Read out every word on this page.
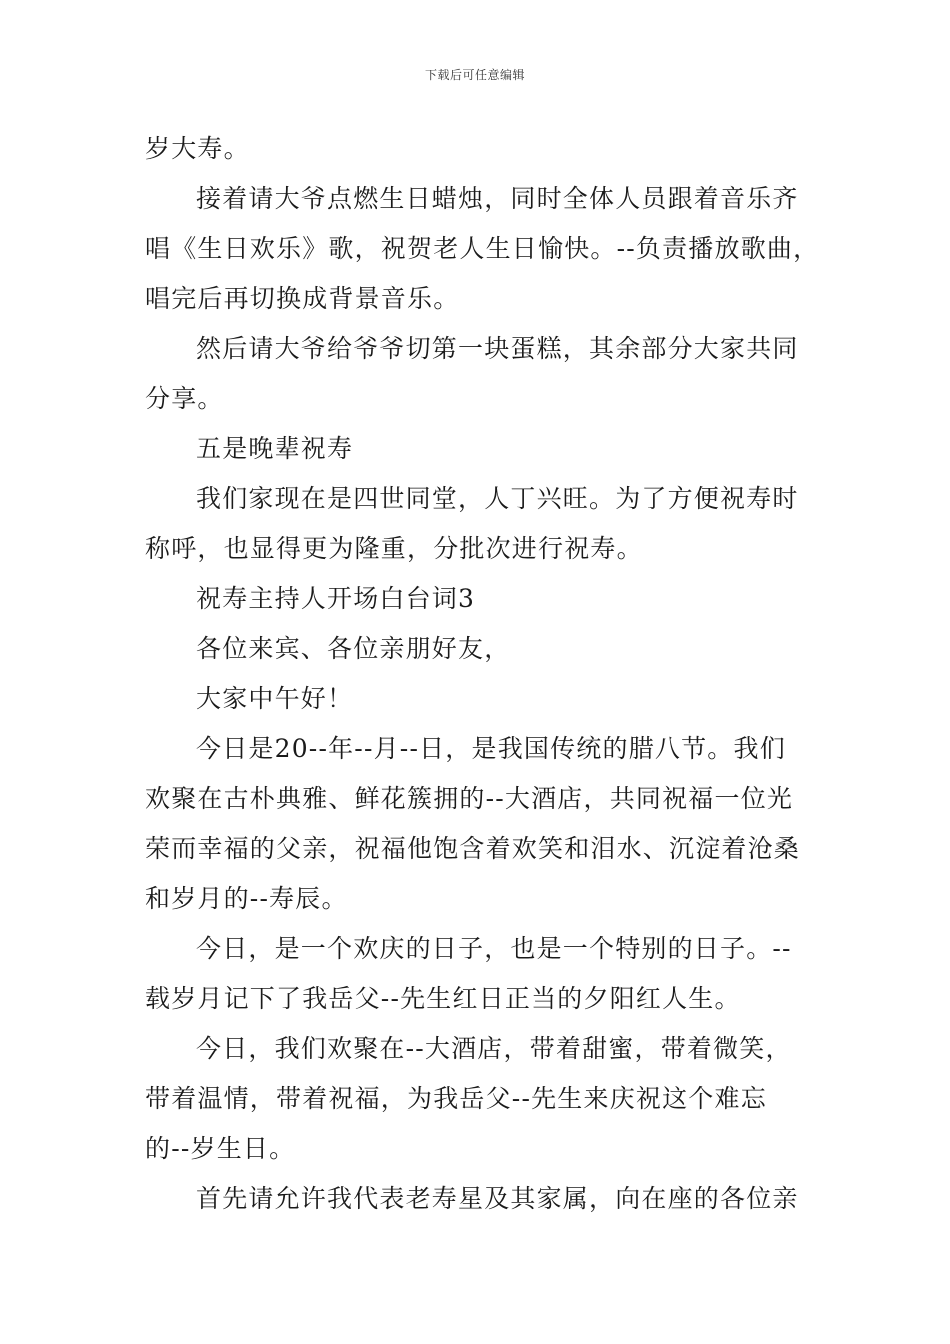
下载后可任意编辑
岁大寿。
接着请大爷点燃生日蜡烛，同时全体人员跟着音乐齐
唱《生日欢乐》歌，祝贺老人生日愉快。--负责播放歌曲，
唱完后再切换成背景音乐。
然后请大爷给爷爷切第一块蛋糕，其余部分大家共同
分享。
五是晚辈祝寿
我们家现在是四世同堂，人丁兴旺。为了方便祝寿时
称呼，也显得更为隆重，分批次进行祝寿。
祝寿主持人开场白台词3
各位来宾、各位亲朋好友，
大家中午好！
今日是20--年--月--日，是我国传统的腊八节。我们
欢聚在古朴典雅、鲜花簇拥的--大酒店，共同祝福一位光
荣而幸福的父亲，祝福他饱含着欢笑和泪水、沉淀着沧桑
和岁月的--寿辰。
今日，是一个欢庆的日子，也是一个特别的日子。--
载岁月记下了我岳父--先生红日正当的夕阳红人生。
今日，我们欢聚在--大酒店，带着甜蜜，带着微笑，
带着温情，带着祝福，为我岳父--先生来庆祝这个难忘
的--岁生日。
首先请允许我代表老寿星及其家属，向在座的各位亲
